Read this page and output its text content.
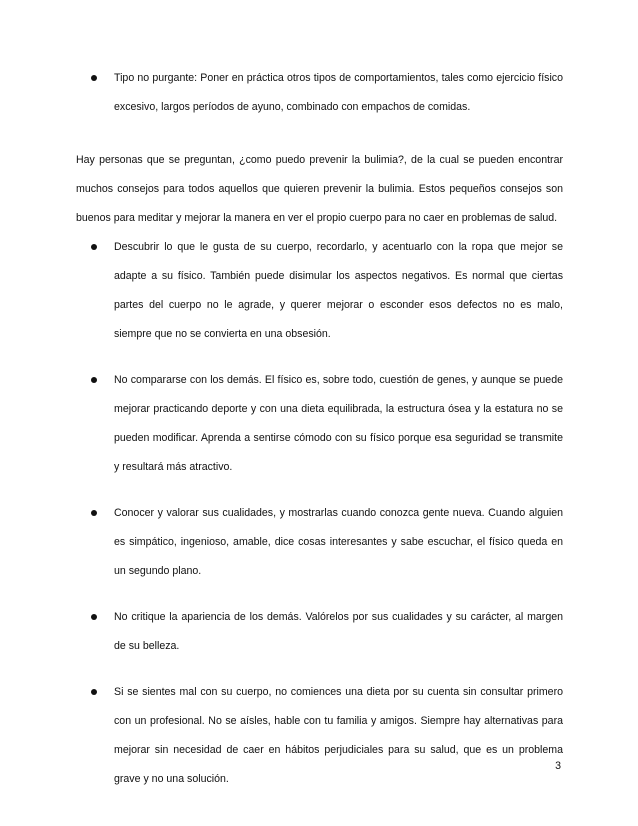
Tipo no purgante: Poner en práctica otros tipos de comportamientos, tales como ejercicio físico excesivo, largos períodos de ayuno, combinado con empachos de comidas.

Hay personas que se preguntan, ¿como puedo prevenir la bulimia?, de la cual se pueden encontrar muchos consejos para todos aquellos que quieren prevenir la bulimia. Estos pequeños consejos son buenos para meditar y mejorar la manera en ver el propio cuerpo para no caer en problemas de salud.

Descubrir lo que le gusta de su cuerpo, recordarlo, y acentuarlo con la ropa que mejor se adapte a su físico. También puede disimular los aspectos negativos. Es normal que ciertas partes del cuerpo no le agrade, y querer mejorar o esconder esos defectos no es malo, siempre que no se convierta en una obsesión.
No compararse con los demás. El físico es, sobre todo, cuestión de genes, y aunque se puede mejorar practicando deporte y con una dieta equilibrada, la estructura ósea y la estatura no se pueden modificar. Aprenda a sentirse cómodo con su físico porque esa seguridad se transmite y resultará más atractivo.
Conocer y valorar sus cualidades, y mostrarlas cuando conozca gente nueva. Cuando alguien es simpático, ingenioso, amable, dice cosas interesantes y sabe escuchar, el físico queda en un segundo plano.
No critique la apariencia de los demás. Valórelos por sus cualidades y su carácter, al margen de su belleza.
Si se sientes mal con su cuerpo, no comiences una dieta por su cuenta sin consultar primero con un profesional. No se aísles, hable con tu familia y amigos. Siempre hay alternativas para mejorar sin necesidad de caer en hábitos perjudiciales para su salud, que es un problema grave y no una solución.
3
